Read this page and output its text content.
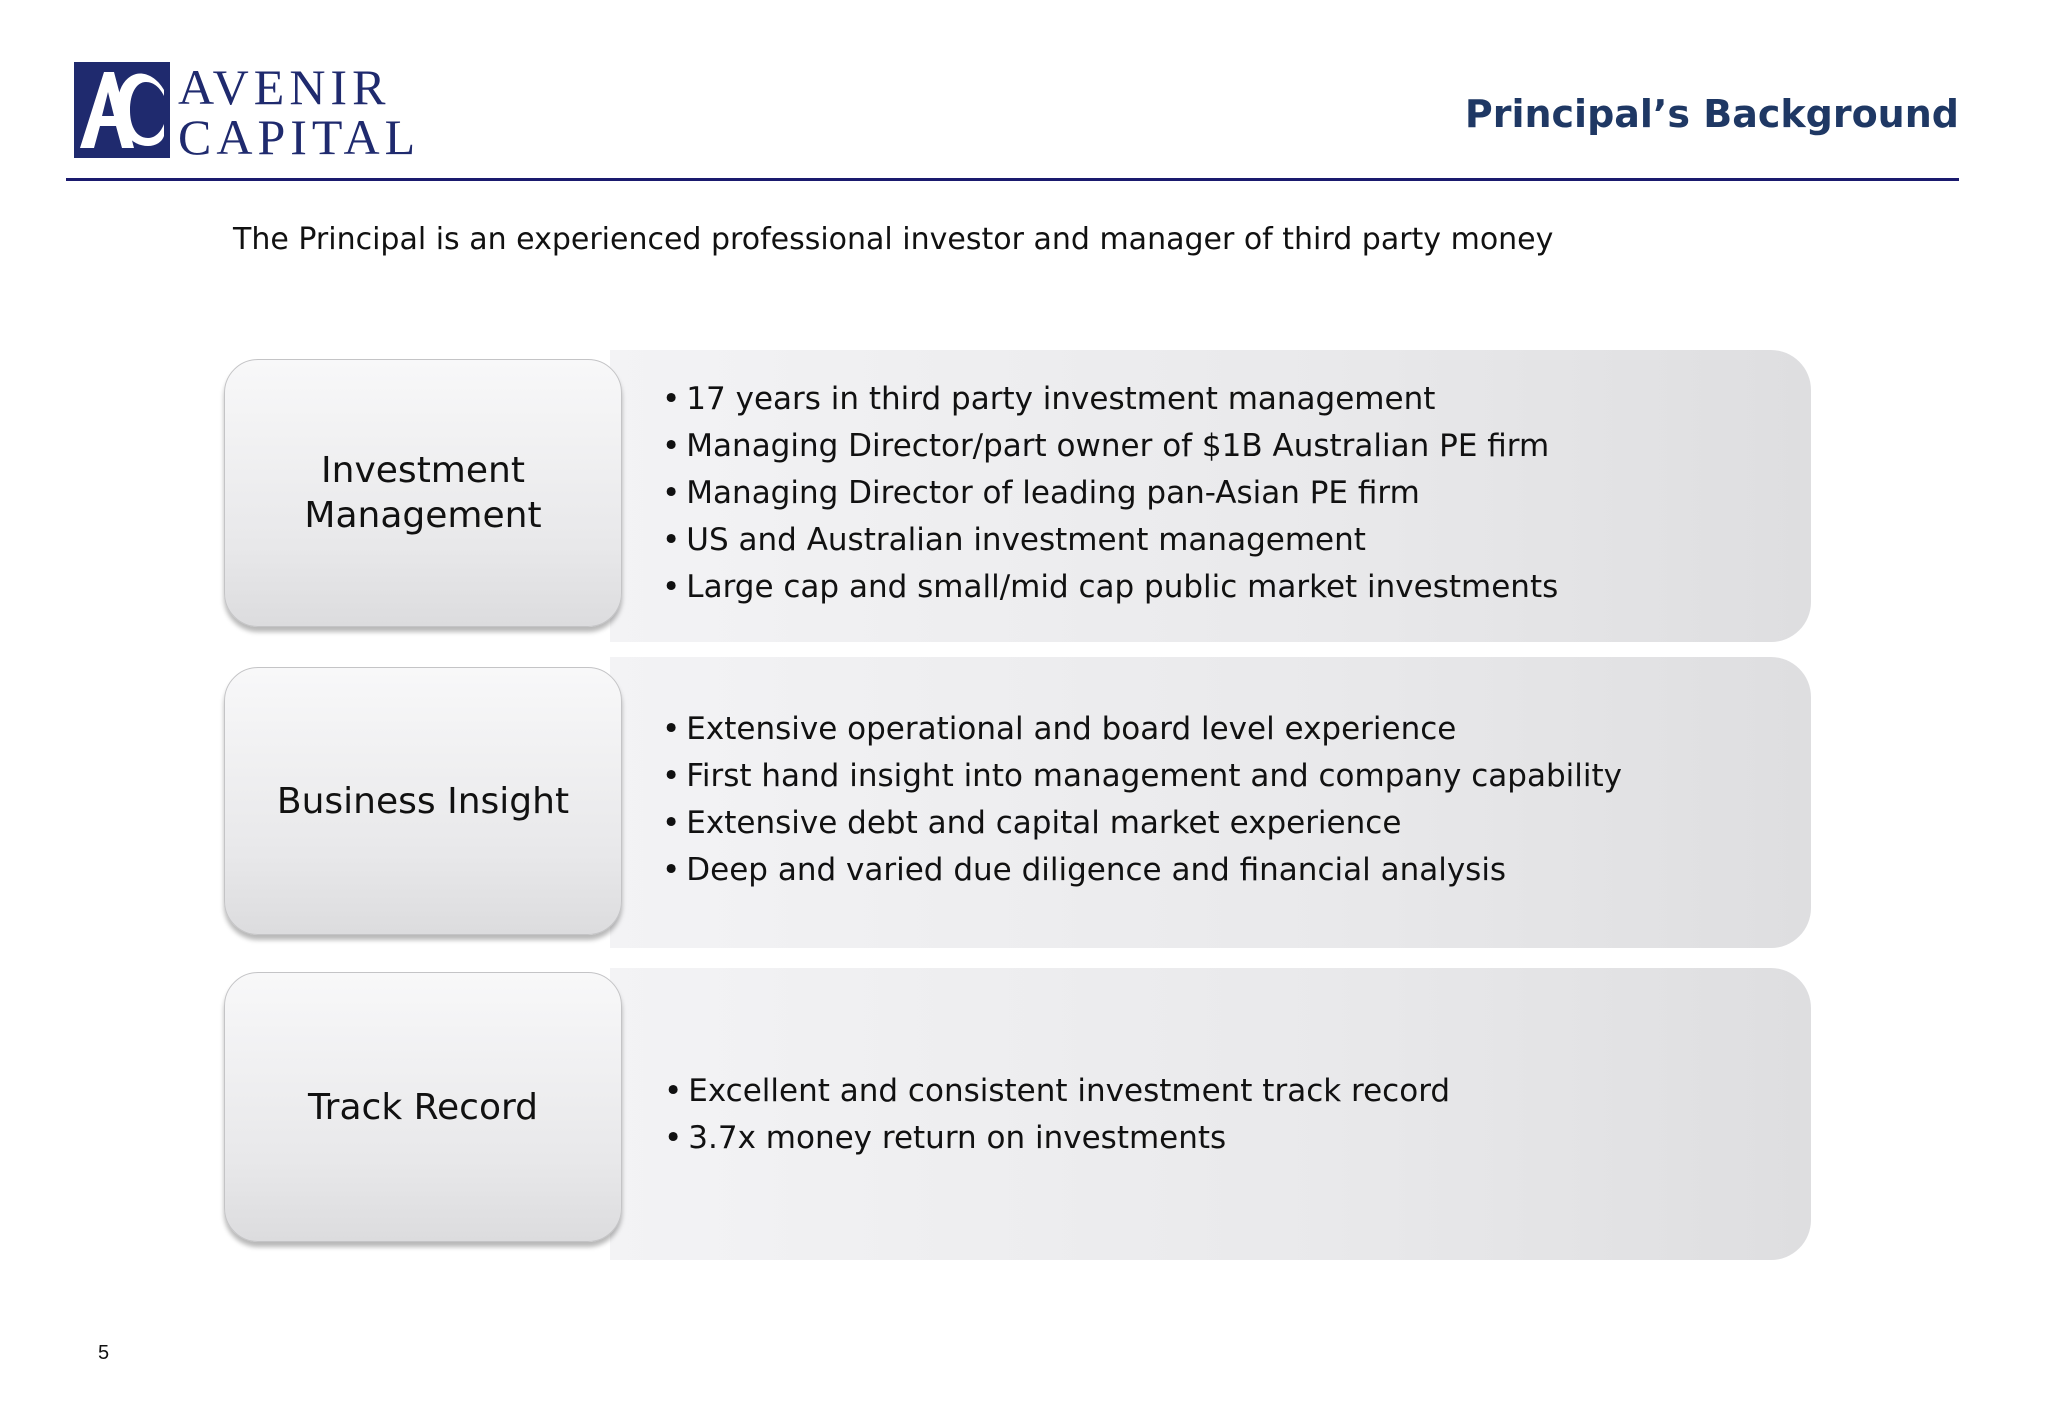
AVENIR
CAPITAL	Principal’s Background
The Principal is an experienced professional investor and manager of third party money
Investment
Management
• 17 years in third party investment management
• Managing Director/part owner of $1B Australian PE firm
• Managing Director of leading pan-Asian PE firm
• US and Australian investment management
• Large cap and small/mid cap public market investments
Business Insight
• Extensive operational and board level experience
• First hand insight into management and company capability
• Extensive debt and capital market experience
• Deep and varied due diligence and financial analysis
Track Record
•	Excellent and consistent investment track record
• 3.7x money return on investments
5
